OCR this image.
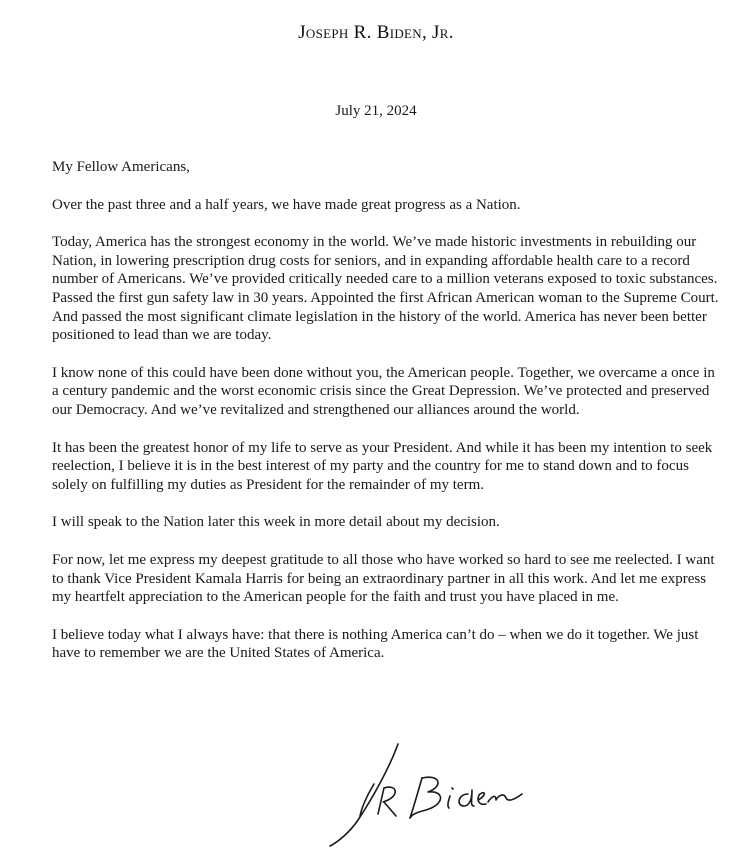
Joseph R. Biden, Jr.
July 21, 2024

My Fellow Americans,

Over the past three and a half years, we have made great progress as a Nation.

Today, America has the strongest economy in the world. We’ve made historic investments in rebuilding our Nation, in lowering prescription drug costs for seniors, and in expanding affordable health care to a record number of Americans. We’ve provided critically needed care to a million veterans exposed to toxic substances. Passed the first gun safety law in 30 years. Appointed the first African American woman to the Supreme Court. And passed the most significant climate legislation in the history of the world. America has never been better positioned to lead than we are today.

I know none of this could have been done without you, the American people. Together, we overcame a once in a century pandemic and the worst economic crisis since the Great Depression. We’ve protected and preserved our Democracy. And we’ve revitalized and strengthened our alliances around the world.

It has been the greatest honor of my life to serve as your President. And while it has been my intention to seek reelection, I believe it is in the best interest of my party and the country for me to stand down and to focus solely on fulfilling my duties as President for the remainder of my term.

I will speak to the Nation later this week in more detail about my decision.

For now, let me express my deepest gratitude to all those who have worked so hard to see me reelected. I want to thank Vice President Kamala Harris for being an extraordinary partner in all this work. And let me express my heartfelt appreciation to the American people for the faith and trust you have placed in me.

I believe today what I always have: that there is nothing America can’t do – when we do it together. We just have to remember we are the United States of America.
